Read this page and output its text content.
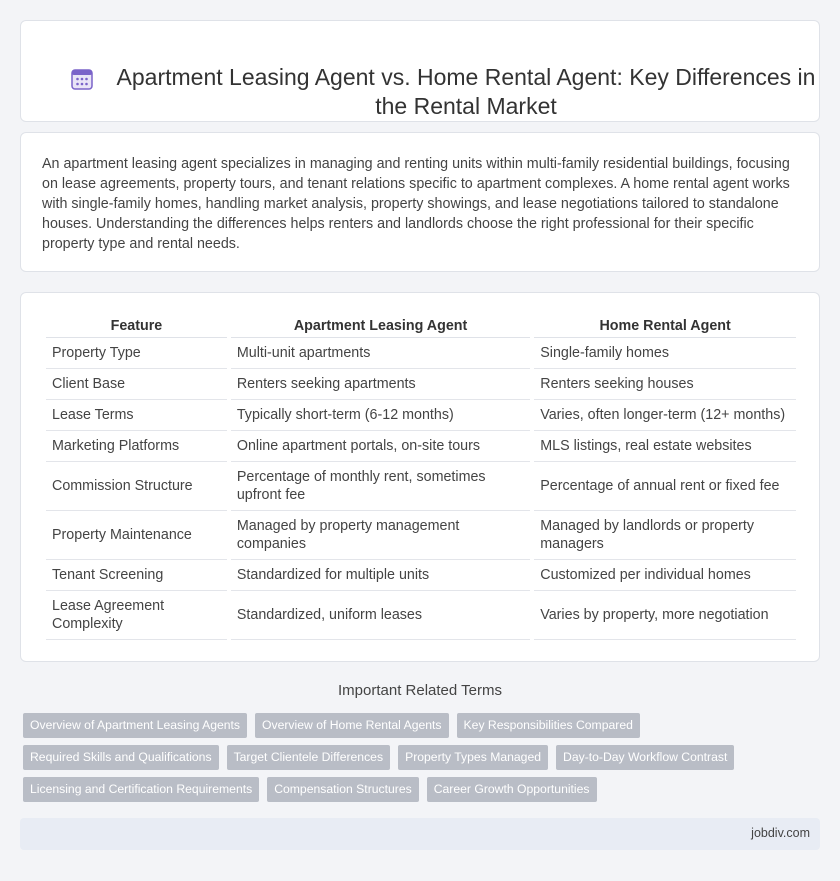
Apartment Leasing Agent vs. Home Rental Agent: Key Differences in the Rental Market

An apartment leasing agent specializes in managing and renting units within multi-family residential buildings, focusing on lease agreements, property tours, and tenant relations specific to apartment complexes. A home rental agent works with single-family homes, handling market analysis, property showings, and lease negotiations tailored to standalone houses. Understanding the differences helps renters and landlords choose the right professional for their specific property type and rental needs.

Feature	Apartment Leasing Agent	Home Rental Agent
Property Type	Multi-unit apartments	Single-family homes
Client Base	Renters seeking apartments	Renters seeking houses
Lease Terms	Typically short-term (6-12 months)	Varies, often longer-term (12+ months)
Marketing Platforms	Online apartment portals, on-site tours	MLS listings, real estate websites
Commission Structure	Percentage of monthly rent, sometimes upfront fee	Percentage of annual rent or fixed fee
Property Maintenance	Managed by property management companies	Managed by landlords or property managers
Tenant Screening	Standardized for multiple units	Customized per individual homes
Lease Agreement Complexity	Standardized, uniform leases	Varies by property, more negotiation
Important Related Terms
Overview of Apartment Leasing Agents	Overview of Home Rental Agents	Key Responsibilities Compared
Required Skills and Qualifications	Target Clientele Differences	Property Types Managed	Day-to-Day Workflow Contrast
Licensing and Certification Requirements	Compensation Structures	Career Growth Opportunities
jobdiv.com
